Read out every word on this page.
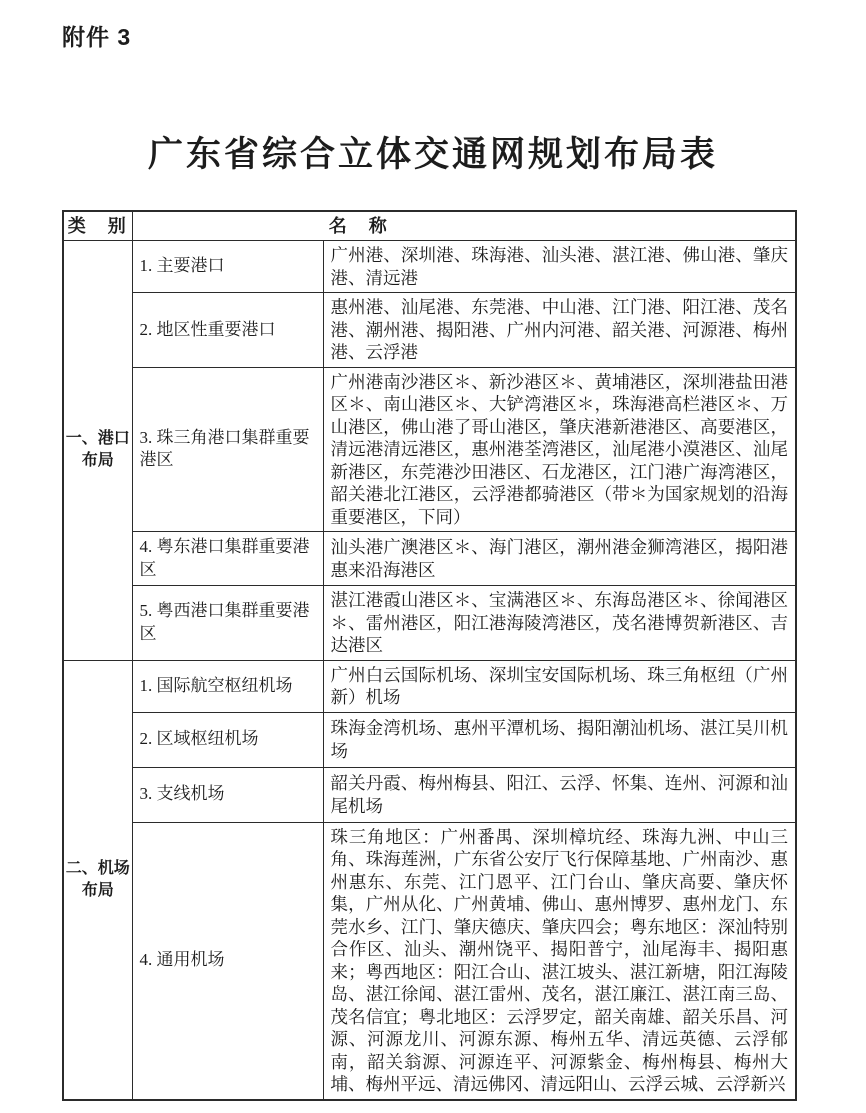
附件 3
广东省综合立体交通网规划布局表
类　别	名　称	
一、港口布局	1. 主要港口	广州港、深圳港、珠海港、汕头港、湛江港、佛山港、肇庆港、清远港
	2. 地区性重要港口	惠州港、汕尾港、东莞港、中山港、江门港、阳江港、茂名港、潮州港、揭阳港、广州内河港、韶关港、河源港、梅州港、云浮港
	3. 珠三角港口集群重要港区	广州港南沙港区＊、新沙港区＊、黄埔港区，深圳港盐田港区＊、南山港区＊、大铲湾港区＊，珠海港高栏港区＊、万山港区，佛山港了哥山港区，肇庆港新港港区、高要港区，清远港清远港区，惠州港荃湾港区，汕尾港小漠港区、汕尾新港区，东莞港沙田港区、石龙港区，江门港广海湾港区，韶关港北江港区，云浮港都骑港区（带＊为国家规划的沿海重要港区，下同）
	4. 粤东港口集群重要港区	汕头港广澳港区＊、海门港区，潮州港金狮湾港区，揭阳港惠来沿海港区
	5. 粤西港口集群重要港区	湛江港霞山港区＊、宝满港区＊、东海岛港区＊、徐闻港区＊、雷州港区，阳江港海陵湾港区，茂名港博贺新港区、吉达港区
二、机场布局	1. 国际航空枢纽机场	广州白云国际机场、深圳宝安国际机场、珠三角枢纽（广州新）机场
	2. 区域枢纽机场	珠海金湾机场、惠州平潭机场、揭阳潮汕机场、湛江吴川机场
	3. 支线机场	韶关丹霞、梅州梅县、阳江、云浮、怀集、连州、河源和汕尾机场
	4. 通用机场	珠三角地区：广州番禺、深圳樟坑经、珠海九洲、中山三角、珠海莲洲，广东省公安厅飞行保障基地、广州南沙、惠州惠东、东莞、江门恩平、江门台山、肇庆高要、肇庆怀集，广州从化、广州黄埔、佛山、惠州博罗、惠州龙门、东莞水乡、江门、肇庆德庆、肇庆四会；粤东地区：深汕特别合作区、汕头、潮州饶平、揭阳普宁，汕尾海丰、揭阳惠来；粤西地区：阳江合山、湛江坡头、湛江新塘，阳江海陵岛、湛江徐闻、湛江雷州、茂名，湛江廉江、湛江南三岛、茂名信宜；粤北地区：云浮罗定，韶关南雄、韶关乐昌、河源、河源龙川、河源东源、梅州五华、清远英德、云浮郁南，韶关翁源、河源连平、河源紫金、梅州梅县、梅州大埔、梅州平远、清远佛冈、清远阳山、云浮云城、云浮新兴
